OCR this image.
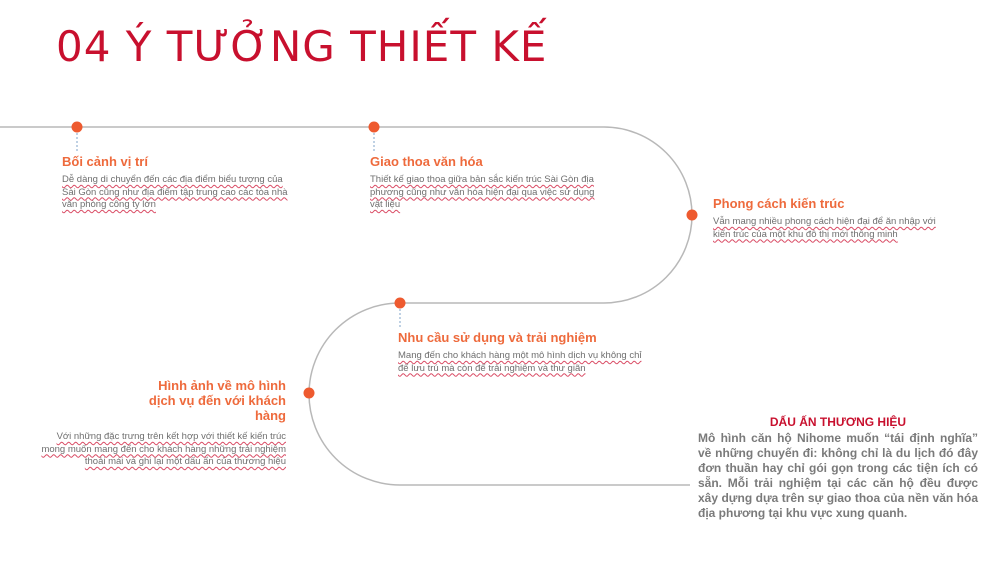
04 Ý TƯỞNG THIẾT KẾ
Bối cảnh vị trí
Dễ dàng di chuyển đến các địa điểm biểu tượng của Sài Gòn cũng như địa điểm tập trung cao các tòa nhà văn phòng công ty lớn
Giao thoa văn hóa
Thiết kế giao thoa giữa bản sắc kiến trúc Sài Gòn địa phương cũng như văn hóa hiện đại qua việc sử dụng vật liệu	Phong cách kiến trúc
Vẫn mang nhiều phong cách hiện đại để ăn nhập với kiến trúc của một khu đô thị mới thông minh
Nhu cầu sử dụng và trải nghiệm
Mang đến cho khách hàng một mô hình dịch vụ không chỉ để lưu trú mà còn để trải nghiệm và thư giãn
Hình ảnh về mô hình dịch vụ đến với khách hàng
Với những đặc trưng trên kết hợp với thiết kế kiến trúc mong muốn mang đến cho khách hàng những trải nghiệm thoải mái và ghi lại một dấu ấn của thương hiệu
DẤU ẤN THƯƠNG HIỆU
Mô hình căn hộ Nihome muốn “tái định nghĩa” về những chuyến đi: không chỉ là du lịch đó đây đơn thuần hay chỉ gói gọn trong các tiện ích có sẵn. Mỗi trải nghiệm tại các căn hộ đều được xây dựng dựa trên sự giao thoa của nền văn hóa địa phương tại khu vực xung quanh.
